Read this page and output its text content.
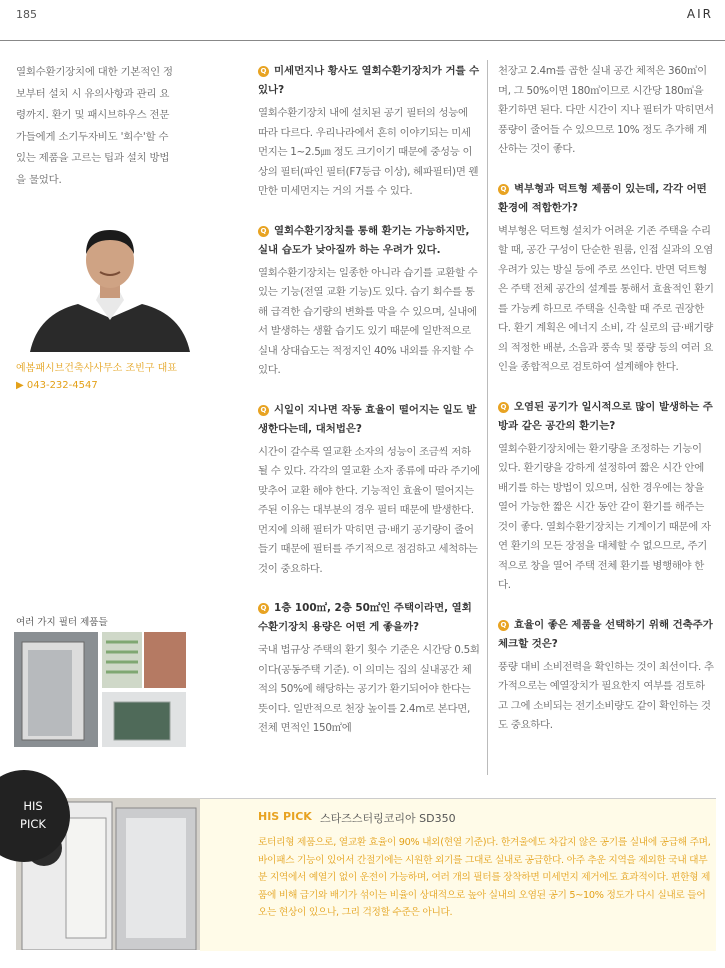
185	AIR
열회수환기장치에 대한 기본적인 정보부터 설치 시 유의사항과 관리 요령까지. 환기 및 패시브하우스 전문가들에게 소기두자비도 '회수'할 수 있는 제품을 고르는 팁과 설치 방법을 물었다.
예봄패시브건축사사무소 조빈구 대표
▶ 043-232-4547
여러 가지 필터 제품들

Q 미세먼지나 황사도 열회수환기장치가 거를 수 있나?

열회수환기장치 내에 설치된 공기 필터의 성능에 따라 다르다. 우리나라에서 흔히 이야기되는 미세먼지는 1~2.5㎛ 정도 크기이기 때문에 중성능 이상의 필터(파인 필터(F7등급 이상), 헤파필터)면 웬만한 미세먼지는 거의 거를 수 있다.

Q 열회수환기장치를 통해 환기는 가능하지만, 실내 습도가 낮아질까 하는 우려가 있다.

열회수환기장치는 일종한 아니라 습기를 교환할 수 있는 기능(전열 교환 기능)도 있다. 습기 회수를 통해 급격한 습기량의 변화를 막을 수 있으며, 실내에서 발생하는 생활 습기도 있기 때문에 일반적으로 실내 상대습도는 적정지인 40% 내외를 유지할 수 있다.

Q 시일이 지나면 작동 효율이 떨어지는 일도 발생한다는데, 대처법은?

시간이 갈수록 열교환 소자의 성능이 조금씩 저하될 수 있다. 각각의 열교환 소자 종류에 따라 주기에 맞추어 교환 해야 한다. 기능적인 효율이 떨어지는 주된 이유는 대부분의 경우 필터 때문에 발생한다. 먼지에 의해 필터가 막히면 급·배기 공기량이 줄어들기 때문에 필터를 주기적으로 점검하고 세척하는 것이 중요하다.

Q 1층 100㎡, 2층 50㎡인 주택이라면, 열회수환기장치 용량은 어떤 게 좋을까?

국내 법규상 주택의 환기 횟수 기준은 시간당 0.5회이다(공동주택 기준). 이 의미는 집의 실내공간 체적의 50%에 해당하는 공기가 환기되어야 한다는 뜻이다. 일반적으로 천장 높이를 2.4m로 본다면, 전체 면적인 150㎡에

천장고 2.4m를 곱한 실내 공간 체적은 360㎥이며, 그 50%이면 180㎥이므로 시간당 180㎥을 환기하면 된다. 다만 시간이 지나 필터가 막히면서 풍량이 줄어들 수 있으므로 10% 정도 추가해 계산하는 것이 좋다.

Q 벽부형과 덕트형 제품이 있는데, 각각 어떤 환경에 적합한가?

벽부형은 덕트형 설치가 어려운 기존 주택을 수리할 때, 공간 구성이 단순한 원룸, 인접 실과의 오염 우려가 있는 방실 등에 주로 쓰인다. 반면 덕트형은 주택 전체 공간의 설계를 통해서 효율적인 환기를 가능케 하므로 주택을 신축할 때 주로 권장한다. 환기 계획은 에너지 소비, 각 실로의 급·배기량의 적정한 배분, 소음과 풍속 및 풍량 등의 여러 요인을 종합적으로 검토하여 설계해야 한다.

Q 오염된 공기가 일시적으로 많이 발생하는 주방과 같은 공간의 환기는?

열회수환기장치에는 환기량을 조정하는 기능이 있다. 환기량을 강하게 설정하여 짧은 시간 안에 배기를 하는 방법이 있으며, 심한 경우에는 창을 열어 가능한 짧은 시간 동안 같이 환기를 해주는 것이 좋다. 열회수환기장치는 기계이기 때문에 자연 환기의 모든 장점을 대체할 수 없으므로, 주기적으로 창을 열어 주택 전체 환기를 병행해야 한다.

Q 효율이 좋은 제품을 선택하기 위해 건축주가 체크할 것은?

풍량 대비 소비전력을 확인하는 것이 최선이다. 추가적으로는 예열장치가 필요한지 여부를 검토하고 그에 소비되는 전기소비량도 같이 확인하는 것도 중요하다.

HIS
PICK
HIS PICK 스타즈스터링코리아 SD350
로터리형 제품으로, 열교환 효율이 90% 내외(현열 기준)다. 한겨울에도 차갑지 않은 공기를 실내에 공급해 주며, 바이패스 기능이 있어서 간절기에는 시원한 외기를 그대로 실내로 공급한다. 아주 추운 지역을 제외한 국내 대부분 지역에서 예열기 없이 운전이 가능하며, 여러 개의 필터를 장착하면 미세먼지 제거에도 효과적이다. 편한형 제품에 비해 급기와 배기가 섞이는 비율이 상대적으로 높아 실내의 오염된 공기 5~10% 정도가 다시 실내로 들어오는 현상이 있으나, 그리 걱정할 수준은 아니다.
